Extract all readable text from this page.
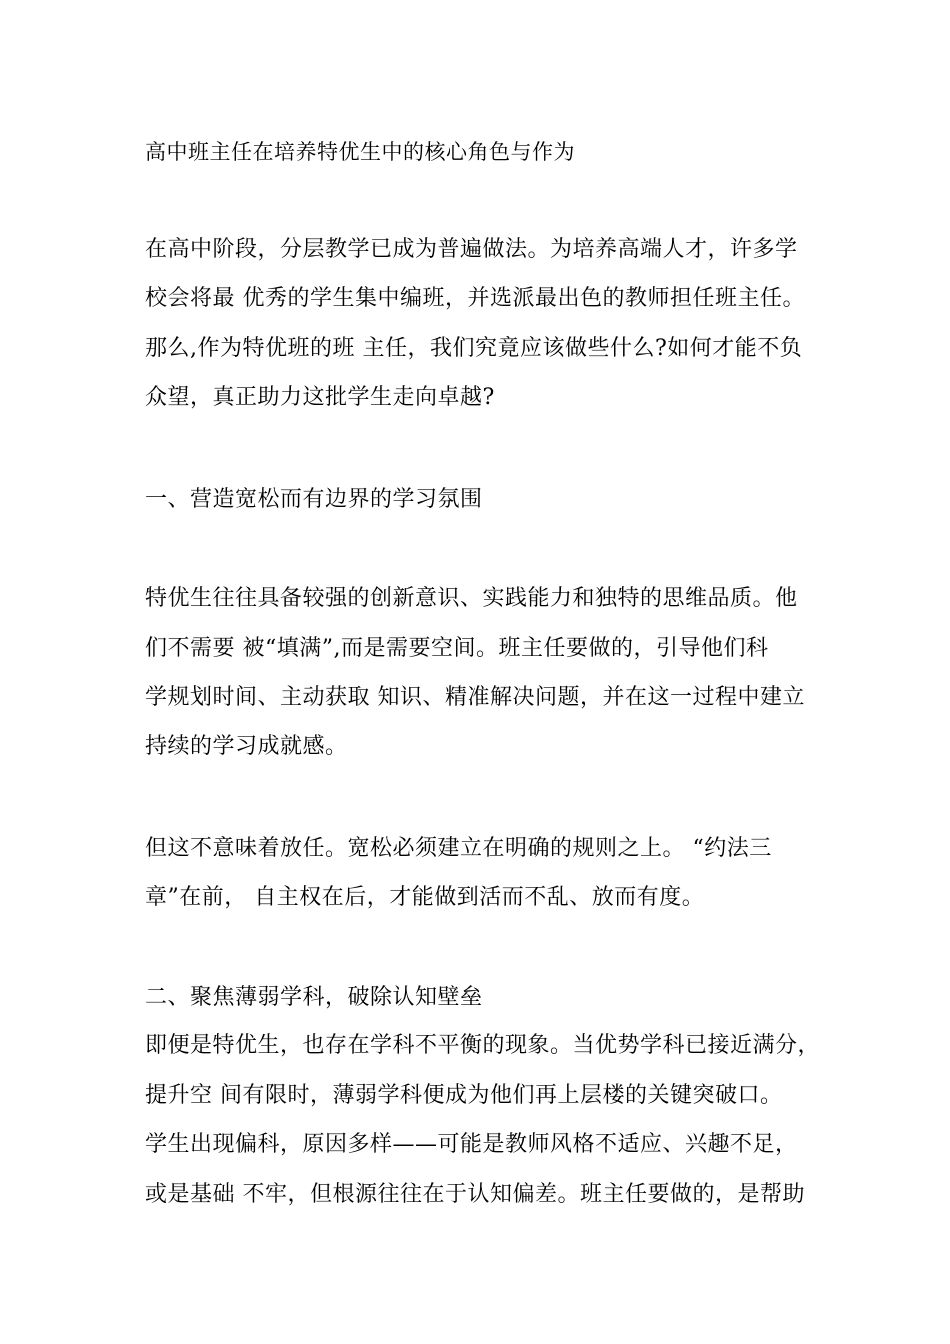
高中班主任在培养特优生中的核心角色与作为
在高中阶段，分层教学已成为普遍做法。为培养高端人才，许多学
校会将最 优秀的学生集中编班，并选派最出色的教师担任班主任。
那么,作为特优班的班 主任，我们究竟应该做些什么?如何才能不负
众望，真正助力这批学生走向卓越?
一、营造宽松而有边界的学习氛围
特优生往往具备较强的创新意识、实践能力和独特的思维品质。他
们不需要 被“填满”,而是需要空间。班主任要做的，引导他们科
学规划时间、主动获取 知识、精准解决问题，并在这一过程中建立
持续的学习成就感。
但这不意味着放任。宽松必须建立在明确的规则之上。 “约法三
章”在前， 自主权在后，才能做到活而不乱、放而有度。
二、聚焦薄弱学科，破除认知壁垒
即便是特优生，也存在学科不平衡的现象。当优势学科已接近满分，
提升空 间有限时，薄弱学科便成为他们再上层楼的关键突破口。
学生出现偏科，原因多样——可能是教师风格不适应、兴趣不足，
或是基础 不牢，但根源往往在于认知偏差。班主任要做的，是帮助
